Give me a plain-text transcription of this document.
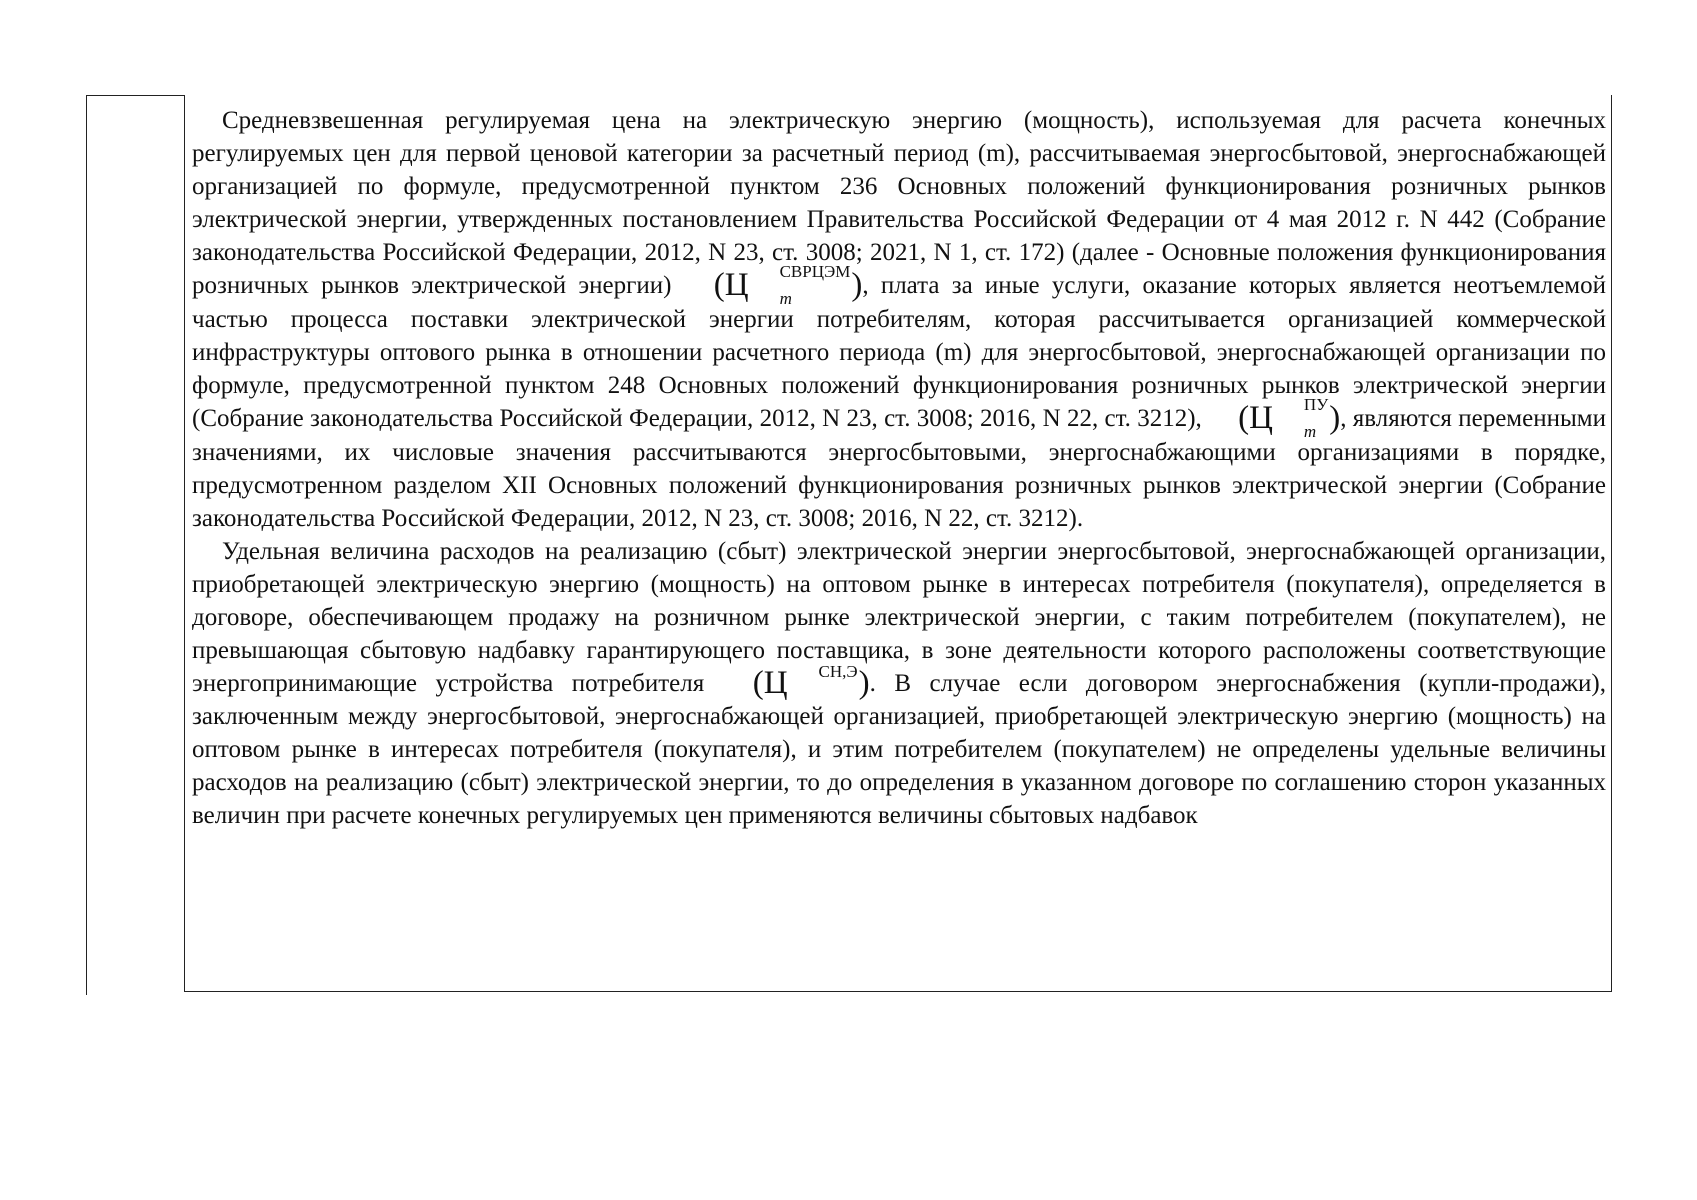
Средневзвешенная регулируемая цена на электрическую энергию (мощность), используемая для расчета конечных регулируемых цен для первой ценовой категории за расчетный период (m), рассчитываемая энергосбытовой, энергоснабжающей организацией по формуле, предусмотренной пунктом 236 Основных положений функционирования розничных рынков электрической энергии, утвержденных постановлением Правительства Российской Федерации от 4 мая 2012 г. N 442 (Собрание законодательства Российской Федерации, 2012, N 23, ст. 3008; 2021, N 1, ст. 172) (далее - Основные положения функционирования розничных рынков электрической энергии) (Ц	СВРЦЭМ
m	), плата за иные услуги, оказание которых является неотъемлемой частью процесса поставки электрической энергии потребителям, которая рассчитывается организацией коммерческой инфраструктуры оптового рынка в отношении расчетного периода (m) для энергосбытовой, энергоснабжающей организации по формуле, предусмотренной пунктом 248 Основных положений функционирования розничных рынков электрической энергии (Собрание законодательства Российской Федерации, 2012, N 23, ст. 3008; 2016, N 22, ст. 3212), (Ц	ПУ
m ), являются переменными значениями, их числовые значения рассчитываются энергосбытовыми, энергоснабжающими организациями в порядке, предусмотренном разделом XII Основных положений функционирования розничных рынков электрической энергии (Собрание законодательства Российской Федерации, 2012, N 23, ст. 3008; 2016, N 22, ст. 3212).

Удельная величина расходов на реализацию (сбыт) электрической энергии энергосбытовой, энергоснабжающей организации, приобретающей электрическую энергию (мощность) на оптовом рынке в интересах потребителя (покупателя), определяется в договоре, обеспечивающем продажу на розничном рынке электрической энергии, с таким потребителем (покупателем), не превышающая сбытовую надбавку гарантирующего поставщика, в зоне деятельности которого расположены соответствующие энергопринимающие устройства потребителя (Ц СН,Э). В случае если договором энергоснабжения (купли-продажи), заключенным между энергосбытовой, энергоснабжающей организацией, приобретающей электрическую энергию (мощность) на оптовом рынке в интересах потребителя (покупателя), и этим потребителем (покупателем) не определены удельные величины расходов на реализацию (сбыт) электрической энергии, то до определения в указанном договоре по соглашению сторон указанных величин при расчете конечных регулируемых цен применяются величины сбытовых надбавок
